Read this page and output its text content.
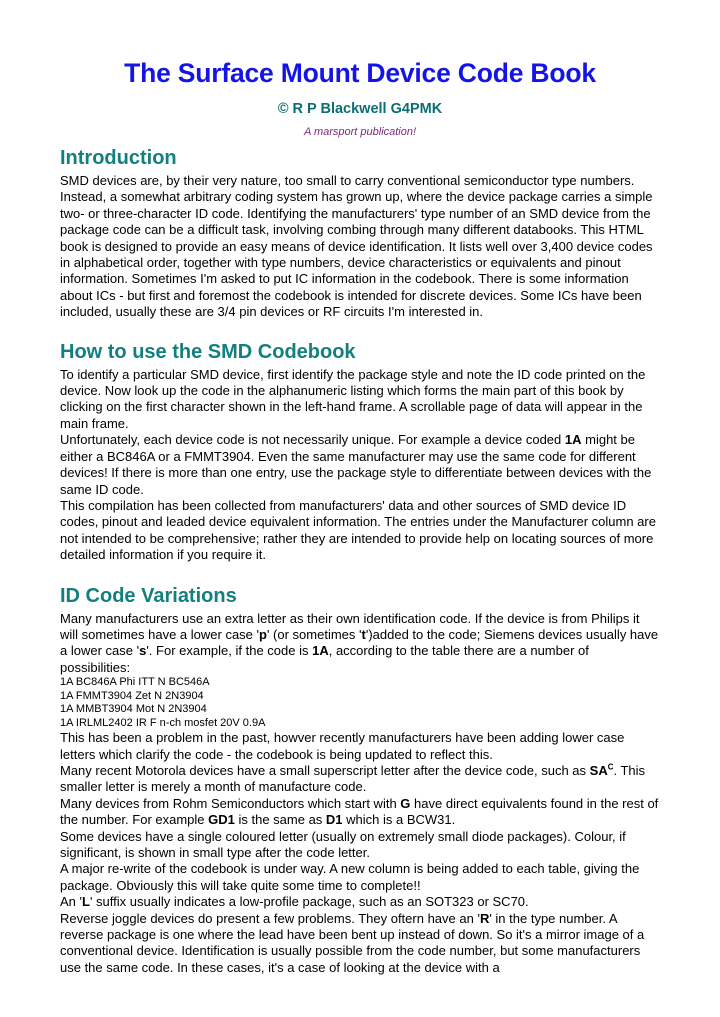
The Surface Mount Device Code Book
© R P Blackwell G4PMK
A marsport publication!
Introduction

SMD devices are, by their very nature, too small to carry conventional semiconductor type numbers. Instead, a somewhat arbitrary coding system has grown up, where the device package carries a simple two- or three-character ID code. Identifying the manufacturers' type number of an SMD device from the package code can be a difficult task, involving combing through many different databooks. This HTML book is designed to provide an easy means of device identification. It lists well over 3,400 device codes in alphabetical order, together with type numbers, device characteristics or equivalents and pinout information. Sometimes I'm asked to put IC information in the codebook. There is some information about ICs - but first and foremost the codebook is intended for discrete devices. Some ICs have been included, usually these are 3/4 pin devices or RF circuits I'm interested in.

How to use the SMD Codebook

To identify a particular SMD device, first identify the package style and note the ID code printed on the device. Now look up the code in the alphanumeric listing which forms the main part of this book by clicking on the first character shown in the left-hand frame. A scrollable page of data will appear in the main frame.

Unfortunately, each device code is not necessarily unique. For example a device coded 1A might be either a BC846A or a FMMT3904. Even the same manufacturer may use the same code for different devices! If there is more than one entry, use the package style to differentiate between devices with the same ID code.

This compilation has been collected from manufacturers' data and other sources of SMD device ID codes, pinout and leaded device equivalent information. The entries under the Manufacturer column are not intended to be comprehensive; rather they are intended to provide help on locating sources of more detailed information if you require it.

ID Code Variations

Many manufacturers use an extra letter as their own identification code. If the device is from Philips it will sometimes have a lower case 'p' (or sometimes 't')added to the code; Siemens devices usually have a lower case 's'. For example, if the code is 1A, according to the table there are a number of possibilities:

1A BC846A Phi ITT N BC546A

1A FMMT3904 Zet N 2N3904

1A MMBT3904 Mot N 2N3904

1A IRLML2402 IR F n-ch mosfet 20V 0.9A

This has been a problem in the past, howver recently manufacturers have been adding lower case letters which clarify the code - the codebook is being updated to reflect this.

Many recent Motorola devices have a small superscript letter after the device code, such as $SA^C$. This smaller letter is merely a month of manufacture code.

Many devices from Rohm Semiconductors which start with G have direct equivalents found in the rest of the number. For example GD1 is the same as D1 which is a BCW31.

Some devices have a single coloured letter (usually on extremely small diode packages). Colour, if significant, is shown in small type after the code letter.

A major re-write of the codebook is under way. A new column is being added to each table, giving the package. Obviously this will take quite some time to complete!!

An 'L' suffix usually indicates a low-profile package, such as an SOT323 or SC70.

Reverse joggle devices do present a few problems. They oftern have an 'R' in the type number. A reverse package is one where the lead have been bent up instead of down. So it's a mirror image of a conventional device. Identification is usually possible from the code number, but some manufacturers use the same code. In these cases, it's a case of looking at the device with a
